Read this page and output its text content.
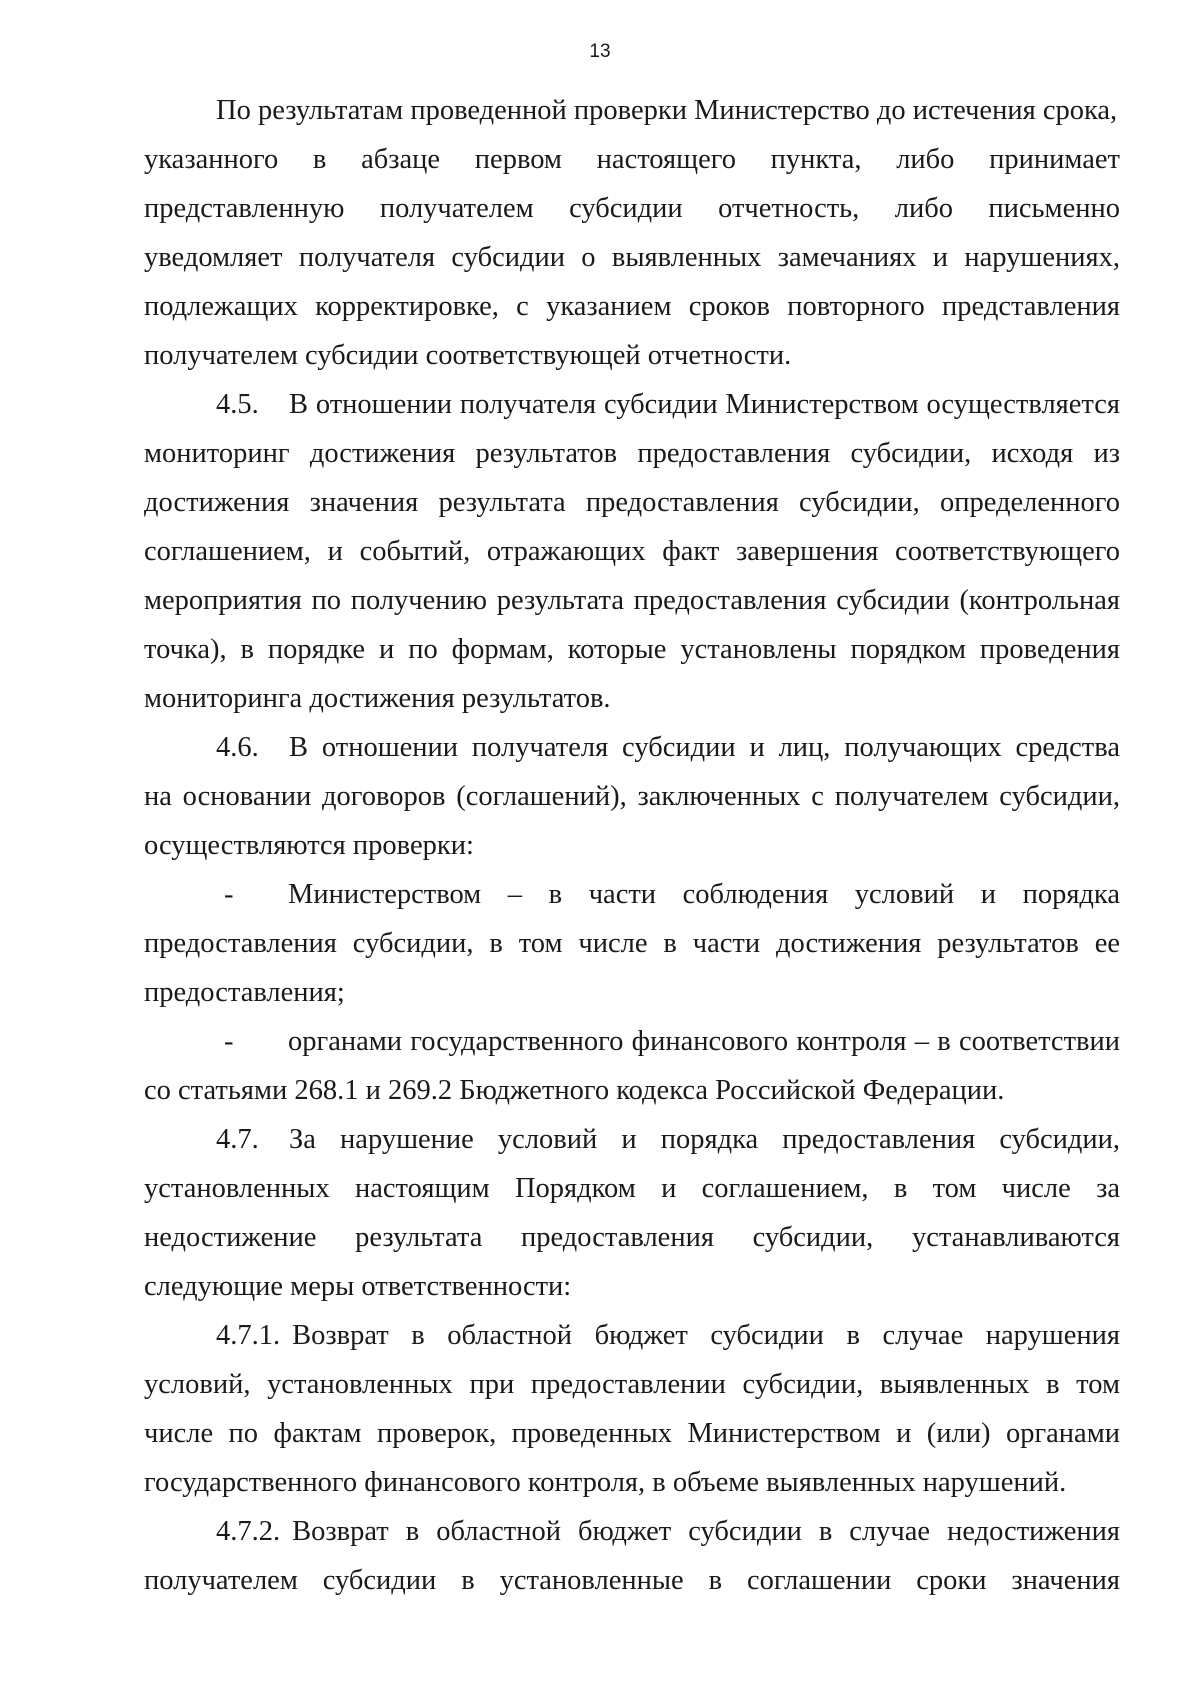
13

По результатам проведенной проверки Министерство до истечения срока,

указанного в абзаце первом настоящего пункта, либо принимает

представленную получателем субсидии отчетность, либо письменно

уведомляет получателя субсидии о выявленных замечаниях и нарушениях,

подлежащих корректировке, с указанием сроков повторного представления

получателем субсидии соответствующей отчетности.

4.5. В отношении получателя субсидии Министерством осуществляется

мониторинг достижения результатов предоставления субсидии, исходя из

достижения значения результата предоставления субсидии, определенного

соглашением, и событий, отражающих факт завершения соответствующего

мероприятия по получению результата предоставления субсидии (контрольная

точка), в порядке и по формам, которые установлены порядком проведения

мониторинга достижения результатов.

4.6. В отношении получателя субсидии и лиц, получающих средства

на основании договоров (соглашений), заключенных с получателем субсидии,

осуществляются проверки:

- Министерством – в части соблюдения условий и порядка

предоставления субсидии, в том числе в части достижения результатов ее

предоставления;

- органами государственного финансового контроля – в соответствии

со статьями 268.1 и 269.2 Бюджетного кодекса Российской Федерации.

4.7. За нарушение условий и порядка предоставления субсидии,

установленных настоящим Порядком и соглашением, в том числе за

недостижение результата предоставления субсидии, устанавливаются

следующие меры ответственности:

4.7.1. Возврат в областной бюджет субсидии в случае нарушения

условий, установленных при предоставлении субсидии, выявленных в том

числе по фактам проверок, проведенных Министерством и (или) органами

государственного финансового контроля, в объеме выявленных нарушений.

4.7.2. Возврат в областной бюджет субсидии в случае недостижения

получателем субсидии в установленные в соглашении сроки значения
